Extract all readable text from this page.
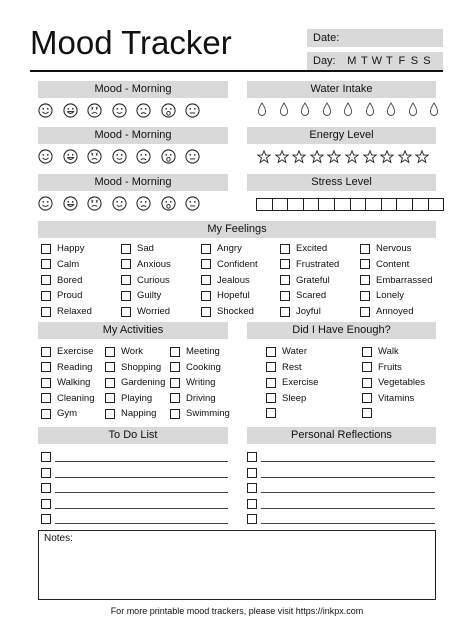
Mood Tracker	Date:
Day: M T W T F S S
Mood - Morning
Mood - Morning
Mood - Morning
Water Intake
Energy Level
Stress Level
My Feelings
Happy
Calm
Bored
Proud
Relaxed
Sad
Anxious
Curious
Guilty
Worried
Angry
Confident
Jealous
Hopeful
Shocked
Excited
Frustrated
Grateful
Scared
Joyful
Nervous
Content
Embarrassed
Lonely
Annoyed
My Activities	Did I Have Enough?
Exercise
Reading
Walking
Cleaning
Gym
Work
Shopping
Gardening
Playing
Napping
Meeting
Cooking
Writing
Driving
Swimming
Water
Rest
Exercise
Sleep
Walk
Fruits
Vegetables
Vitamins
To Do List	Personal Reflections
Notes:
For more printable mood trackers, please visit https://inkpx.com
